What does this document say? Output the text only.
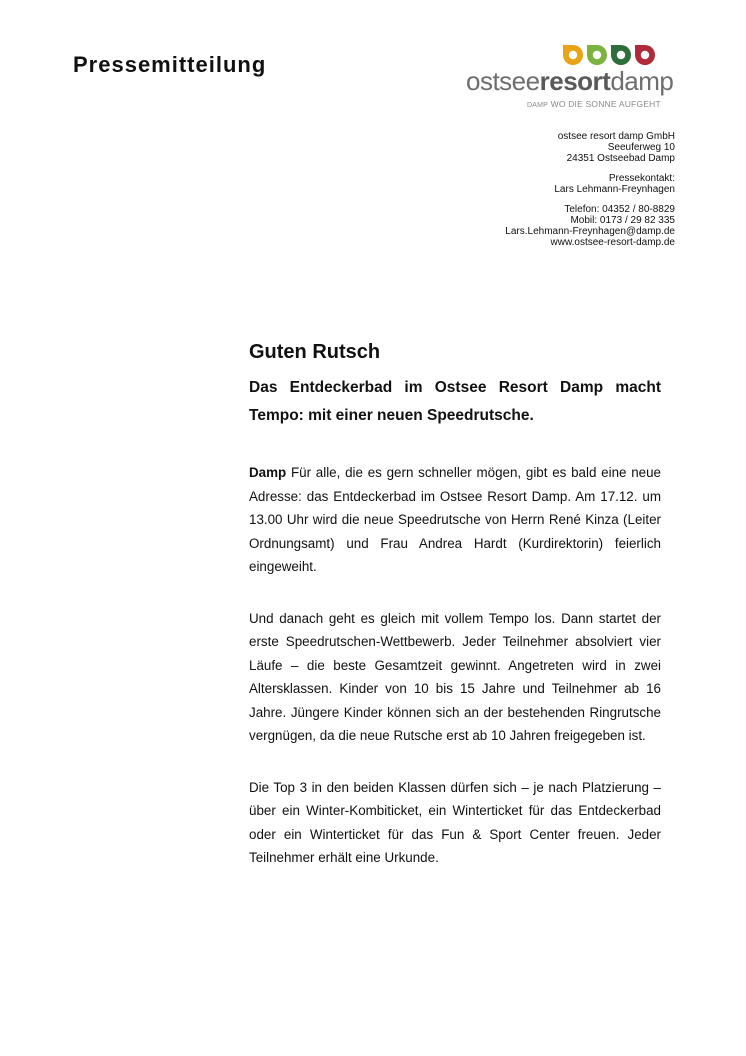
Pressemitteilung
ostseeresortdamp
DAMP WO DIE SONNE AUFGEHT

ostsee resort damp GmbH
Seeuferweg 10
24351 Ostseebad Damp

Pressekontakt:
Lars Lehmann-Freynhagen

Telefon: 04352 / 80-8829
Mobil: 0173 / 29 82 335
Lars.Lehmann-Freynhagen@damp.de
www.ostsee-resort-damp.de

Guten Rutsch
Das Entdeckerbad im Ostsee Resort Damp macht Tempo: mit einer neuen Speedrutsche.

Damp Für alle, die es gern schneller mögen, gibt es bald eine neue Adresse: das Entdeckerbad im Ostsee Resort Damp. Am 17.12. um 13.00 Uhr wird die neue Speedrutsche von Herrn René Kinza (Leiter Ordnungsamt) und Frau Andrea Hardt (Kurdirektorin) feierlich eingeweiht.

Und danach geht es gleich mit vollem Tempo los. Dann startet der erste Speedrutschen-Wettbewerb. Jeder Teilnehmer absolviert vier Läufe – die beste Gesamtzeit gewinnt. Angetreten wird in zwei Altersklassen. Kinder von 10 bis 15 Jahre und Teilnehmer ab 16 Jahre. Jüngere Kinder können sich an der bestehenden Ringrutsche vergnügen, da die neue Rutsche erst ab 10 Jahren freigegeben ist.

Die Top 3 in den beiden Klassen dürfen sich – je nach Platzierung – über ein Winter-Kombiticket, ein Winterticket für das Entdeckerbad oder ein Winterticket für das Fun & Sport Center freuen. Jeder Teilnehmer erhält eine Urkunde.
